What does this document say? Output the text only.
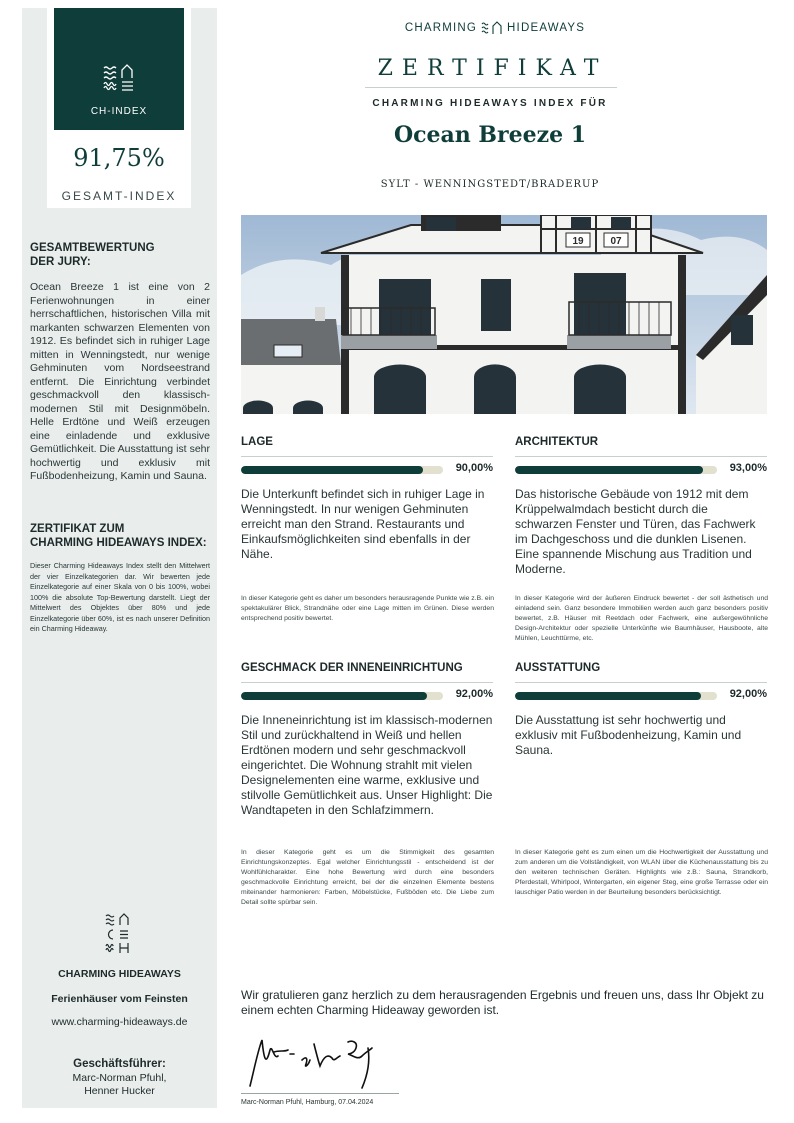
CH-INDEX
91,75%
GESAMT-INDEX
GESAMTBEWERTUNG
DER JURY:
Ocean Breeze 1 ist eine von 2 Ferienwohnungen in einer herrschaftlichen, historischen Villa mit markanten schwarzen Elementen von 1912. Es befindet sich in ruhiger Lage mitten in Wenningstedt, nur wenige Gehminuten vom Nordseestrand entfernt. Die Einrichtung verbindet geschmackvoll den klassisch-modernen Stil mit Designmöbeln. Helle Erdtöne und Weiß erzeugen eine einladende und exklusive Gemütlichkeit. Die Ausstattung ist sehr hochwertig und exklusiv mit Fußbodenheizung, Kamin und Sauna.
ZERTIFIKAT ZUM
CHARMING HIDEAWAYS INDEX:
Dieser Charming Hideaways Index stellt den Mittelwert der vier Einzelkategorien dar. Wir bewerten jede Einzelkategorie auf einer Skala von 0 bis 100%, wobei 100% die absolute Top-Bewertung darstellt. Liegt der Mittelwert des Objektes über 80% und jede Einzelkategorie über 60%, ist es nach unserer Definition ein Charming Hideaway.
CHARMING HIDEAWAYS
Ferienhäuser vom Feinsten
www.charming-hideaways.de
Geschäftsführer:
Marc-Norman Pfuhl,
Henner Hucker
CHARMING	HIDEAWAYS
ZERTIFIKAT
CHARMING HIDEAWAYS INDEX FÜR
Ocean Breeze 1
SYLT - WENNINGSTEDT/BRADERUP
19	07
LAGE
90,00%
Die Unterkunft befindet sich in ruhiger Lage in Wenningstedt. In nur wenigen Gehminuten erreicht man den Strand. Restaurants und Einkaufsmöglichkeiten sind ebenfalls in der Nähe.
In dieser Kategorie geht es daher um besonders herausragende Punkte wie z.B. ein spektakulärer Blick, Strandnähe oder eine Lage mitten im Grünen. Diese werden entsprechend positiv bewertet.
ARCHITEKTUR
93,00%
Das historische Gebäude von 1912 mit dem Krüppelwalmdach besticht durch die schwarzen Fenster und Türen, das Fachwerk im Dachgeschoss und die dunklen Lisenen. Eine spannende Mischung aus Tradition und Moderne.
In dieser Kategorie wird der äußeren Eindruck bewertet - der soll ästhetisch und einladend sein. Ganz besondere Immobilien werden auch ganz besonders positiv bewertet, z.B. Häuser mit Reetdach oder Fachwerk, eine außergewöhnliche Design-Architektur oder spezielle Unterkünfte wie Baumhäuser, Hausboote, alte Mühlen, Leuchttürme, etc.
GESCHMACK DER INNENEINRICHTUNG
92,00%
Die Inneneinrichtung ist im klassisch-modernen Stil und zurückhaltend in Weiß und hellen Erdtönen modern und sehr geschmackvoll eingerichtet. Die Wohnung strahlt mit vielen Designelementen eine warme, exklusive und stilvolle Gemütlichkeit aus. Unser Highlight: Die Wandtapeten in den Schlafzimmern.
In dieser Kategorie geht es um die Stimmigkeit des gesamten Einrichtungskonzeptes. Egal welcher Einrichtungsstil - entscheidend ist der Wohlfühlcharakter. Eine hohe Bewertung wird durch eine besonders geschmackvolle Einrichtung erreicht, bei der die einzelnen Elemente bestens miteinander harmonieren: Farben, Möbelstücke, Fußböden etc. Die Liebe zum Detail sollte spürbar sein.
AUSSTATTUNG
92,00%
Die Ausstattung ist sehr hochwertig und exklusiv mit Fußbodenheizung, Kamin und Sauna.
In dieser Kategorie geht es zum einen um die Hochwertigkeit der Ausstattung und zum anderen um die Vollständigkeit, von WLAN über die Küchenausstattung bis zu den weiteren technischen Geräten. Highlights wie z.B.: Sauna, Strandkorb, Pferdestall, Whirlpool, Wintergarten, ein eigener Steg, eine große Terrasse oder ein lauschiger Patio werden in der Beurteilung besonders berücksichtigt.
Wir gratulieren ganz herzlich zu dem herausragenden Ergebnis und freuen uns, dass Ihr Objekt zu einem echten Charming Hideaway geworden ist.
Marc-Norman Pfuhl, Hamburg, 07.04.2024
